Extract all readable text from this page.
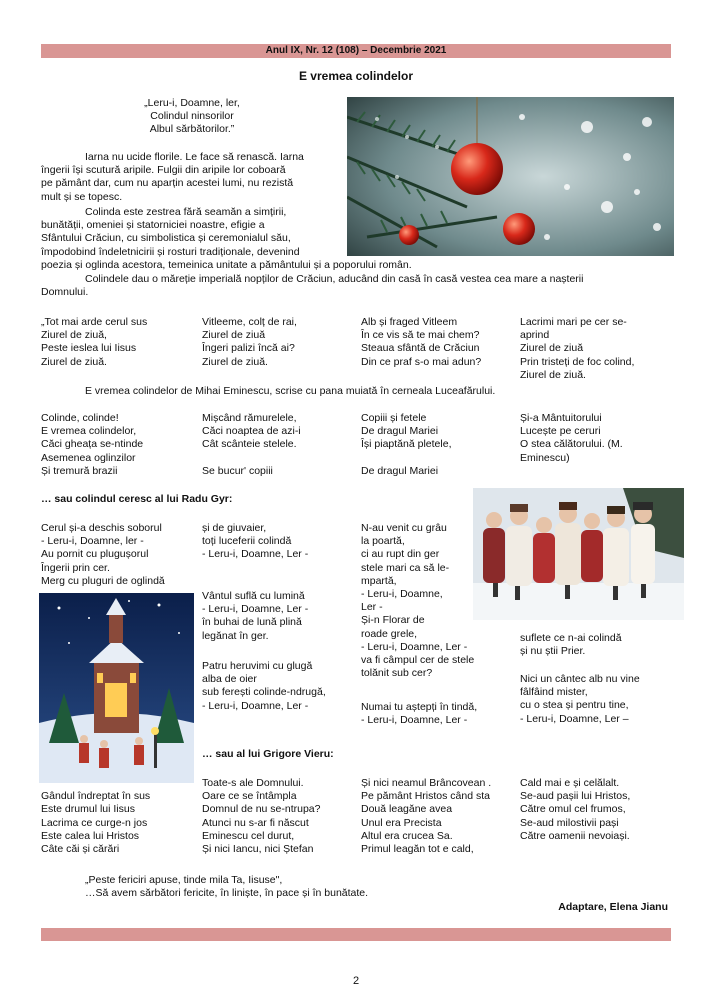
Anul IX, Nr. 12 (108) – Decembrie 2021
E vremea colindelor
„Leru-i, Doamne, ler,
Colindul ninsorilor
Albul sărbătorilor.”
Iarna nu ucide florile. Le face să renască. Iarna
îngerii își scutură aripile. Fulgii din aripile lor coboară
pe pământ dar, cum nu aparțin acestei lumi, nu rezistă
mult și se topesc.
Colinda este zestrea fără seamăn a simțirii,
bunătății, omeniei și statorniciei noastre, efigie a
Sfântului Crăciun, cu simbolistica și ceremonialul său,
împodobind îndeletnicirii și rosturi tradiționale, devenind
poezia și oglinda acestora, temeinica unitate a pământului și a poporului român.
Colindele dau o măreție imperială nopților de Crăciun, aducând din casă în casă vestea cea mare a nașterii
Domnului.

„Tot mai arde cerul sus

Ziurel de ziuă,

Peste ieslea lui Iisus

Ziurel de ziuă.

Vitleeme, colț de rai,

Ziurel de ziuă

Îngeri palizi încă ai?

Ziurel de ziuă.

Alb și fraged Vitleem

În ce vis să te mai chem?

Steaua sfântă de Crăciun

Din ce praf s-o mai adun?

Lacrimi mari pe cer se-

aprind

Ziurel de ziuă

Prin tristeți de foc colind,

Ziurel de ziuă.

E vremea colindelor de Mihai Eminescu, scrise cu pana muiată în cerneala Luceafărului.

Colinde, colinde!

E vremea colindelor,

Căci gheața se-ntinde

Asemenea oglinzilor

Și tremură brazii

Mișcând rămurelele,

Căci noaptea de azi-i

Cât scânteie stelele.

Se bucur' copiii

Copiii și fetele

De dragul Mariei

Își piaptănă pletele,

De dragul Mariei

Și-a Mântuitorului

Lucește pe ceruri

O stea călătorului. (M.

Eminescu)

… sau colindul ceresc al lui Radu Gyr:

Cerul și-a deschis soborul

- Leru-i, Doamne, ler -

Au pornit cu plugușorul

Îngerii prin cer.

Merg cu pluguri de oglindă

și de giuvaier,

toți luceferii colindă

- Leru-i, Doamne, Ler -

Vântul suflă cu lumină

- Leru-i, Doamne, Ler -

în buhai de lună plină

legănat în ger.

Patru heruvimi cu glugă

alba de oier

sub ferești colinde-ndrugă,

- Leru-i, Doamne, Ler -

N-au venit cu grâu

la poartă,

ci au rupt din ger

stele mari ca să le-

mpartă,

- Leru-i, Doamne,

Ler -

Și-n Florar de

roade grele,

- Leru-i, Doamne, Ler -

va fi câmpul cer de stele

tolănit sub cer?

Numai tu aștepți în tindă,

- Leru-i, Doamne, Ler -

suflete ce n-ai colindă

și nu știi Prier.

Nici un cântec alb nu vine

fâlfâind mister,

cu o stea și pentru tine,

- Leru-i, Doamne, Ler –

… sau al lui Grigore Vieru:

Gândul îndreptat în sus

Este drumul lui Iisus

Lacrima ce curge-n jos

Este calea lui Hristos

Câte căi și cărări

Toate-s ale Domnului.

Oare ce se întâmpla

Domnul de nu se-ntrupa?

Atunci nu s-ar fi născut

Eminescu cel durut,

Și nici Iancu, nici Ștefan

Și nici neamul Brâncovean .

Pe pământ Hristos când sta

Două leagăne avea

Unul era Precista

Altul era crucea Sa.

Primul leagăn tot e cald,

Cald mai e și celălalt.

Se-aud pașii lui Hristos,

Către omul cel frumos,

Se-aud milostivii pași

Către oamenii nevoiași.

„Peste fericiri apuse, tinde mila Ta, Iisuse",
…Să avem sărbători fericite, în liniște, în pace și în bunătate.
Adaptare, Elena Jianu
2
